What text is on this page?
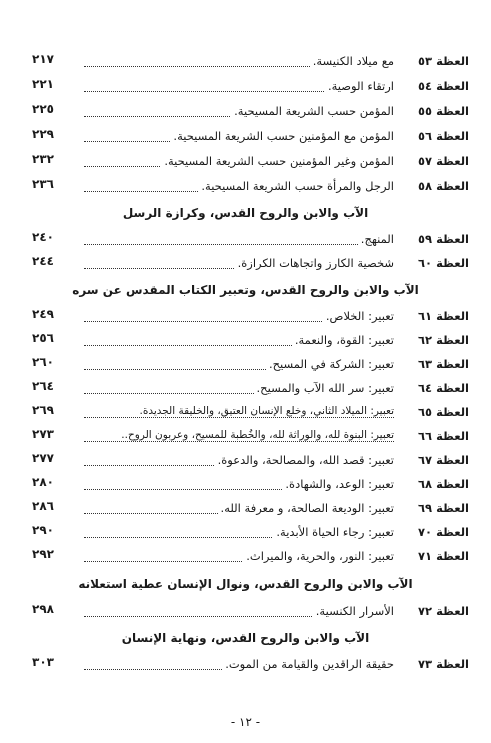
العظة ٥٣
مع ميلاد الكنيسة.
٢١٧
العظة ٥٤
ارتقاء الوصية.
٢٢١
العظة ٥٥
المؤمن حسب الشريعة المسيحية.
٢٢٥
العظة ٥٦
المؤمن مع المؤمنين حسب الشريعة المسيحية.
٢٢٩
العظة ٥٧
المؤمن وغير المؤمنين حسب الشريعة المسيحية.
٢٣٢
العظة ٥٨
الرجل والمرأة حسب الشريعة المسيحية.
٢٣٦
الآب والابن والروح القدس، وكرازة الرسل
العظة ٥٩
المنهج.
٢٤٠
العظة ٦٠
شخصية الكارز واتجاهات الكرازة.
٢٤٤
الآب والابن والروح القدس، وتعبير الكتاب المقدس عن سره
العظة ٦١
تعبير: الخلاص.
٢٤٩
العظة ٦٢
تعبير: القوة، والنعمة.
٢٥٦
العظة ٦٣
تعبير: الشركة في المسيح.
٢٦٠
العظة ٦٤
تعبير: سر الله الآب والمسيح.
٢٦٤
العظة ٦٥
تعبير: الميلاد الثاني، وخلع الإنسان العتيق، والخليقة الجديدة.
٢٦٩
العظة ٦٦
تعبير: البنوة لله، والوراثة لله، والخُطبة للمسيح، وعربون الروح..
٢٧٣
العظة ٦٧
تعبير: قصد الله، والمصالحة، والدعوة.
٢٧٧
العظة ٦٨
تعبير: الوعد، والشهادة.
٢٨٠
العظة ٦٩
تعبير: الوديعة الصالحة، و معرفة الله.
٢٨٦
العظة ٧٠
تعبير: رجاء الحياة الأبدية.
٢٩٠
العظة ٧١
تعبير: النور، والحرية، والميراث.
٢٩٢
الآب والابن والروح القدس، ونوال الإنسان عطية استعلانه
العظة ٧٢
الأسرار الكنسية.
٢٩٨
الآب والابن والروح القدس، ونهاية الإنسان
العظة ٧٣
حقيقة الراقدين والقيامة من الموت.
٣٠٣
- ١٢ -
